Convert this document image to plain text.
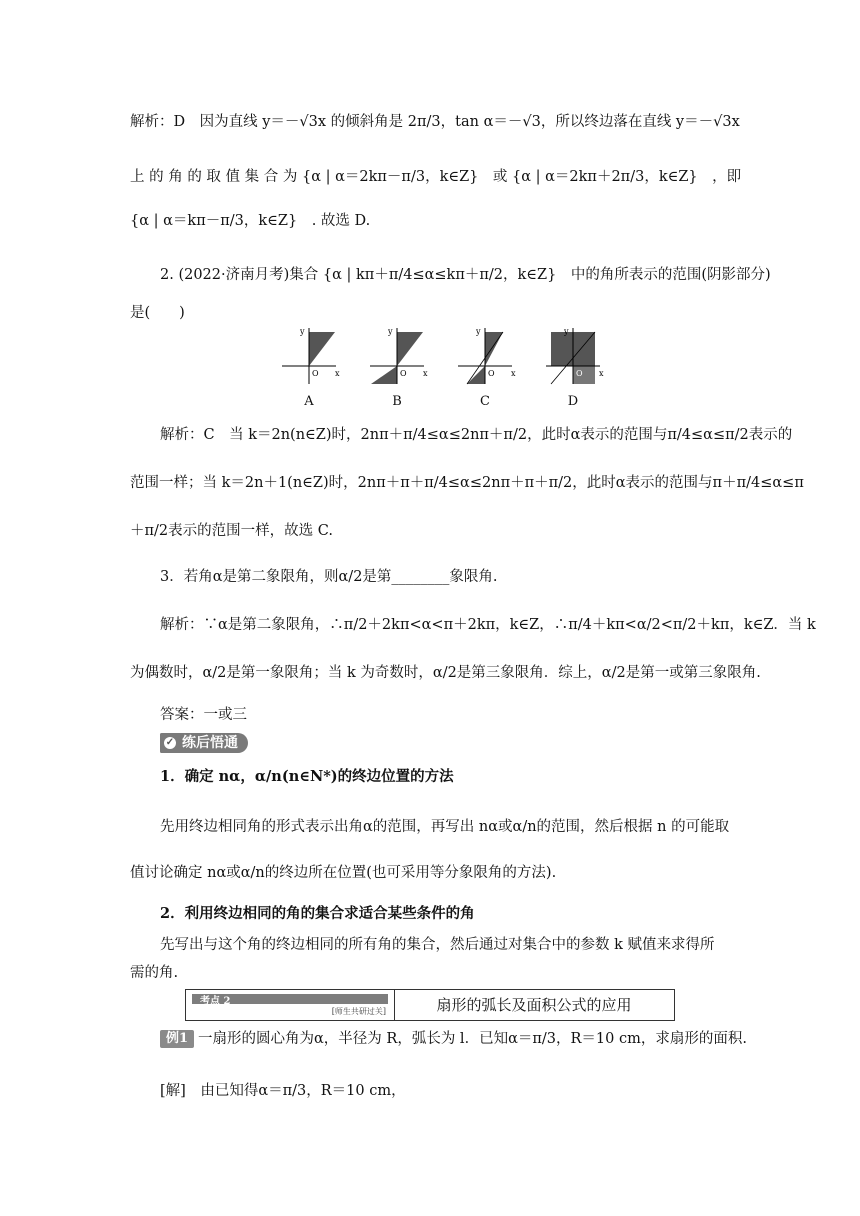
解析：D　因为直线 y＝－√3x 的倾斜角是 2π/3，tan α＝－√3，所以终边落在直线 y＝－√3x
上 的 角 的 取 值 集 合 为 {α | α＝2kπ－π/3，k∈Z}　或 {α | α＝2kπ＋2π/3，k∈Z}　，即
{α | α＝kπ－π/3，k∈Z}　. 故选 D.
2. (2022·济南月考)集合 {α | kπ＋π/4≤α≤kπ＋π/2，k∈Z}　中的角所表示的范围(阴影部分)
是(　　)
y
x
O
A
y
x
O
B
y
x
O
C
y
x
O
D
解析：C　当 k＝2n(n∈Z)时，2nπ＋π/4≤α≤2nπ＋π/2，此时α表示的范围与π/4≤α≤π/2表示的
范围一样；当 k＝2n＋1(n∈Z)时，2nπ＋π＋π/4≤α≤2nπ＋π＋π/2，此时α表示的范围与π＋π/4≤α≤π
＋π/2表示的范围一样，故选 C.
3．若角α是第二象限角，则α/2是第________象限角.
解析：∵α是第二象限角，∴π/2＋2kπ<α<π＋2kπ，k∈Z，∴π/4＋kπ<α/2<π/2＋kπ，k∈Z．当 k
为偶数时，α/2是第一象限角；当 k 为奇数时，α/2是第三象限角．综上，α/2是第一或第三象限角.
答案：一或三
练后悟通
✓
1．确定 nα，α/n(n∈N*)的终边位置的方法
先用终边相同角的形式表示出角α的范围，再写出 nα或α/n的范围，然后根据 n 的可能取
值讨论确定 nα或α/n的终边所在位置(也可采用等分象限角的方法).
2．利用终边相同的角的集合求适合某些条件的角
先写出与这个角的终边相同的所有角的集合，然后通过对集合中的参数 k 赋值来求得所
需的角.
考点 2
[师生共研过关]	扇形的弧长及面积公式的应用
例1 一扇形的圆心角为α，半径为 R，弧长为 l．已知α＝π/3，R＝10 cm，求扇形的面积.
[解]　由已知得α＝π/3，R＝10 cm，
